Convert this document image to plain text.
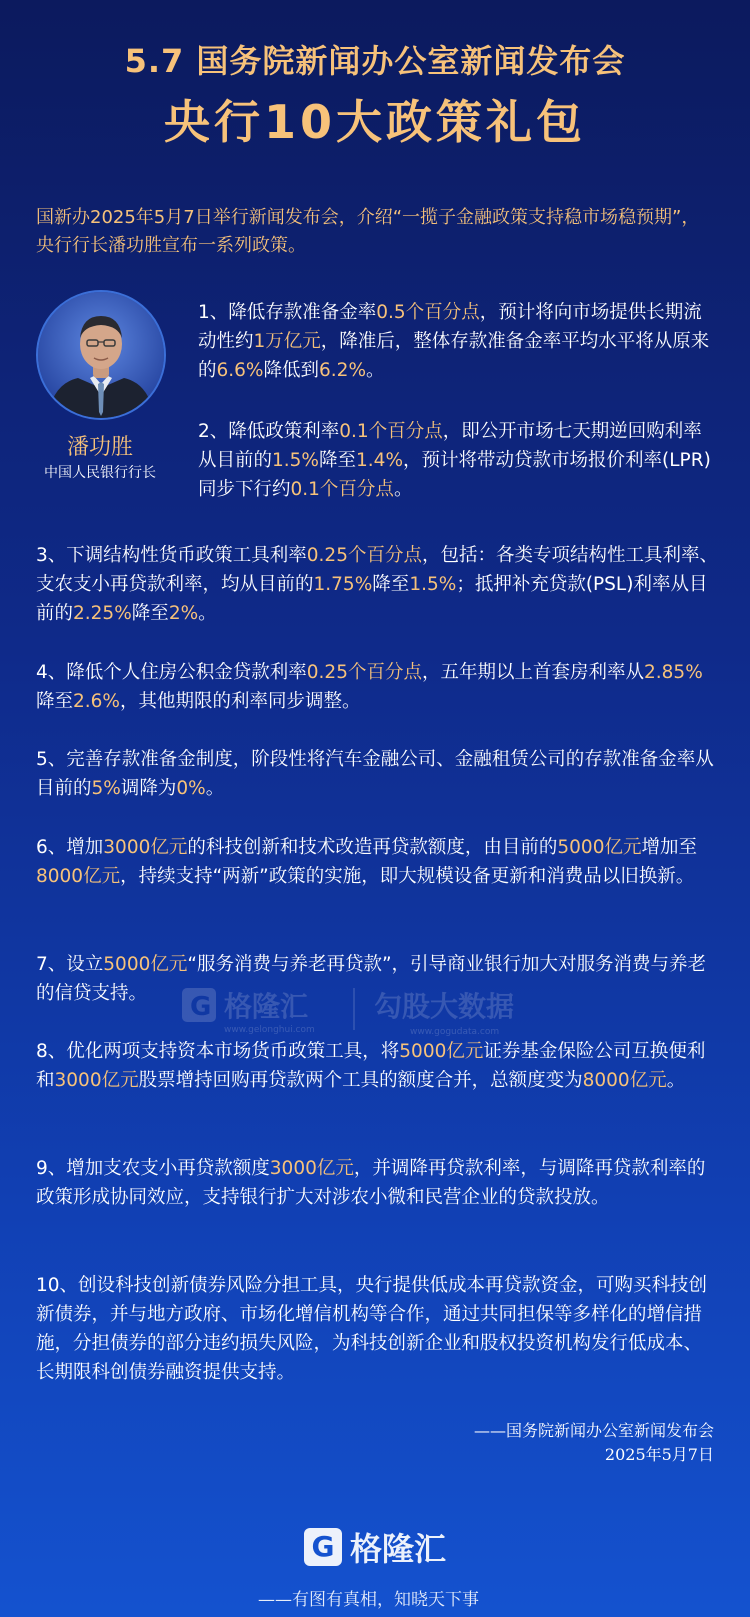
5.7 国务院新闻办公室新闻发布会
央行10大政策礼包
国新办2025年5月7日举行新闻发布会，介绍“一揽子金融政策支持稳市场稳预期”，央行行长潘功胜宣布一系列政策。
潘功胜
中国人民银行行长
1、降低存款准备金率0.5个百分点，预计将向市场提供长期流动性约1万亿元，降准后，整体存款准备金率平均水平将从原来的6.6%降低到6.2%。
2、降低政策利率0.1个百分点，即公开市场七天期逆回购利率从目前的1.5%降至1.4%，预计将带动贷款市场报价利率(LPR)同步下行约0.1个百分点。
3、下调结构性货币政策工具利率0.25个百分点，包括：各类专项结构性工具利率、支农支小再贷款利率，均从目前的1.75%降至1.5%；抵押补充贷款(PSL)利率从目前的2.25%降至2%。
4、降低个人住房公积金贷款利率0.25个百分点，五年期以上首套房利率从2.85%降至2.6%，其他期限的利率同步调整。
5、完善存款准备金制度，阶段性将汽车金融公司、金融租赁公司的存款准备金率从目前的5%调降为0%。
6、增加3000亿元的科技创新和技术改造再贷款额度，由目前的5000亿元增加至8000亿元，持续支持“两新”政策的实施，即大规模设备更新和消费品以旧换新。
7、设立5000亿元“服务消费与养老再贷款”，引导商业银行加大对服务消费与养老的信贷支持。
8、优化两项支持资本市场货币政策工具，将5000亿元证券基金保险公司互换便利和3000亿元股票增持回购再贷款两个工具的额度合并，总额度变为8000亿元。
9、增加支农支小再贷款额度3000亿元，并调降再贷款利率，与调降再贷款利率的政策形成协同效应，支持银行扩大对涉农小微和民营企业的贷款投放。
10、创设科技创新债券风险分担工具，央行提供低成本再贷款资金，可购买科技创新债券，并与地方政府、市场化增信机构等合作，通过共同担保等多样化的增信措施，分担债券的部分违约损失风险，为科技创新企业和股权投资机构发行低成本、长期限科创债券融资提供支持。
——国务院新闻办公室新闻发布会
2025年5月7日
G 格隆汇
www.gelonghui.com
勾股大数据
www.gogudata.com
G 格隆汇
——有图有真相，知晓天下事
